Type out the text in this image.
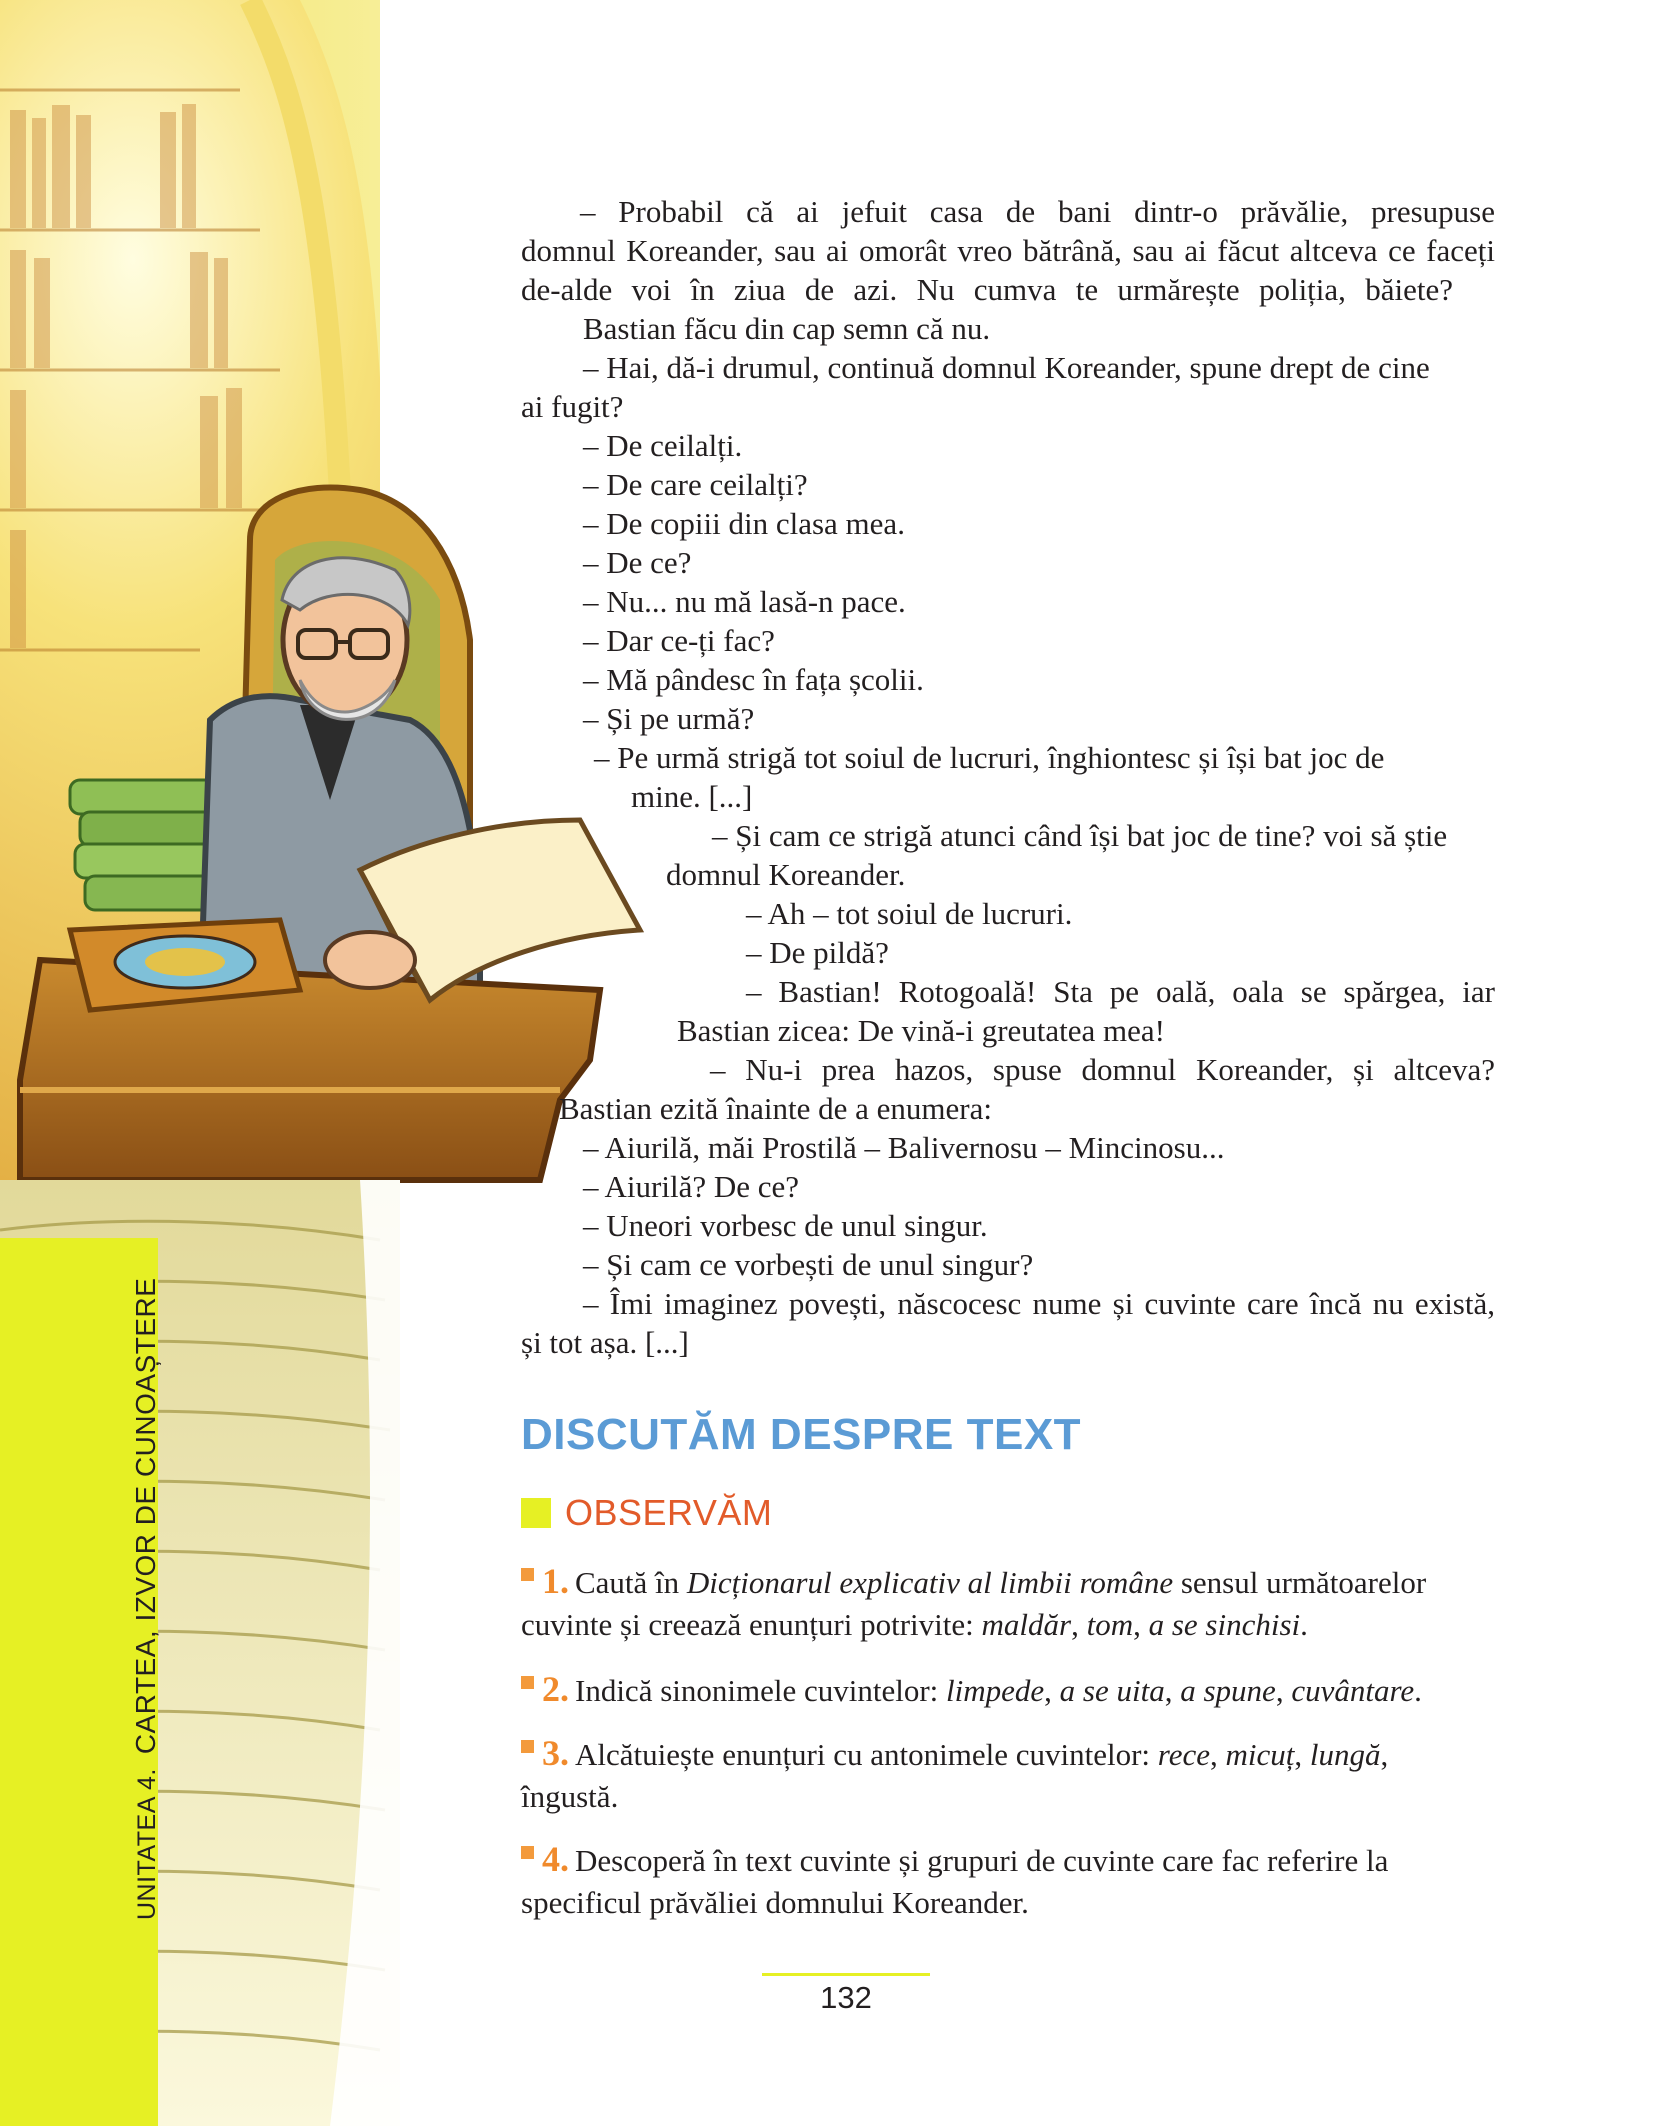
UNITATEA 4.CARTEA, IZVOR DE CUNOAȘTERE

– Probabil că ai jefuit casa de bani dintr-o prăvălie, presupuse

domnul Koreander, sau ai omorât vreo bătrână, sau ai făcut altceva ce faceți

de-alde voi în ziua de azi. Nu cumva te urmărește poliția, băiete?

Bastian făcu din cap semn că nu.

– Hai, dă-i drumul, continuă domnul Koreander, spune drept de cine

ai fugit?

– De ceilalți.

– De care ceilalți?

– De copiii din clasa mea.

– De ce?

– Nu... nu mă lasă-n pace.

– Dar ce-ți fac?

– Mă pândesc în fața școlii.

– Și pe urmă?

– Pe urmă strigă tot soiul de lucruri, înghiontesc și își bat joc de

mine. [...]

– Și cam ce strigă atunci când își bat joc de tine? voi să știe

domnul Koreander.

– Ah – tot soiul de lucruri.

– De pildă?

– Bastian! Rotogoală! Sta pe oală, oala se spărgea, iar

Bastian zicea: De vină-i greutatea mea!

– Nu-i prea hazos, spuse domnul Koreander, și altceva?

Bastian ezită înainte de a enumera:

– Aiurilă, măi Prostilă – Balivernosu – Mincinosu...

– Aiurilă? De ce?

– Uneori vorbesc de unul singur.

– Și cam ce vorbești de unul singur?

– Îmi imaginez povești, născocesc nume și cuvinte care încă nu există,

și tot așa. [...]

DISCUTĂM DESPRE TEXT
OBSERVĂM
1. Caută în Dicționarul explicativ al limbii române sensul următoarelor
cuvinte și creează enunțuri potrivite: maldăr, tom, a se sinchisi.
2. Indică sinonimele cuvintelor: limpede, a se uita, a spune, cuvântare.
3. Alcătuiește enunțuri cu antonimele cuvintelor: rece, micuț, lungă,
îngustă.
4. Descoperă în text cuvinte și grupuri de cuvinte care fac referire la
specificul prăvăliei domnului Koreander.
132
